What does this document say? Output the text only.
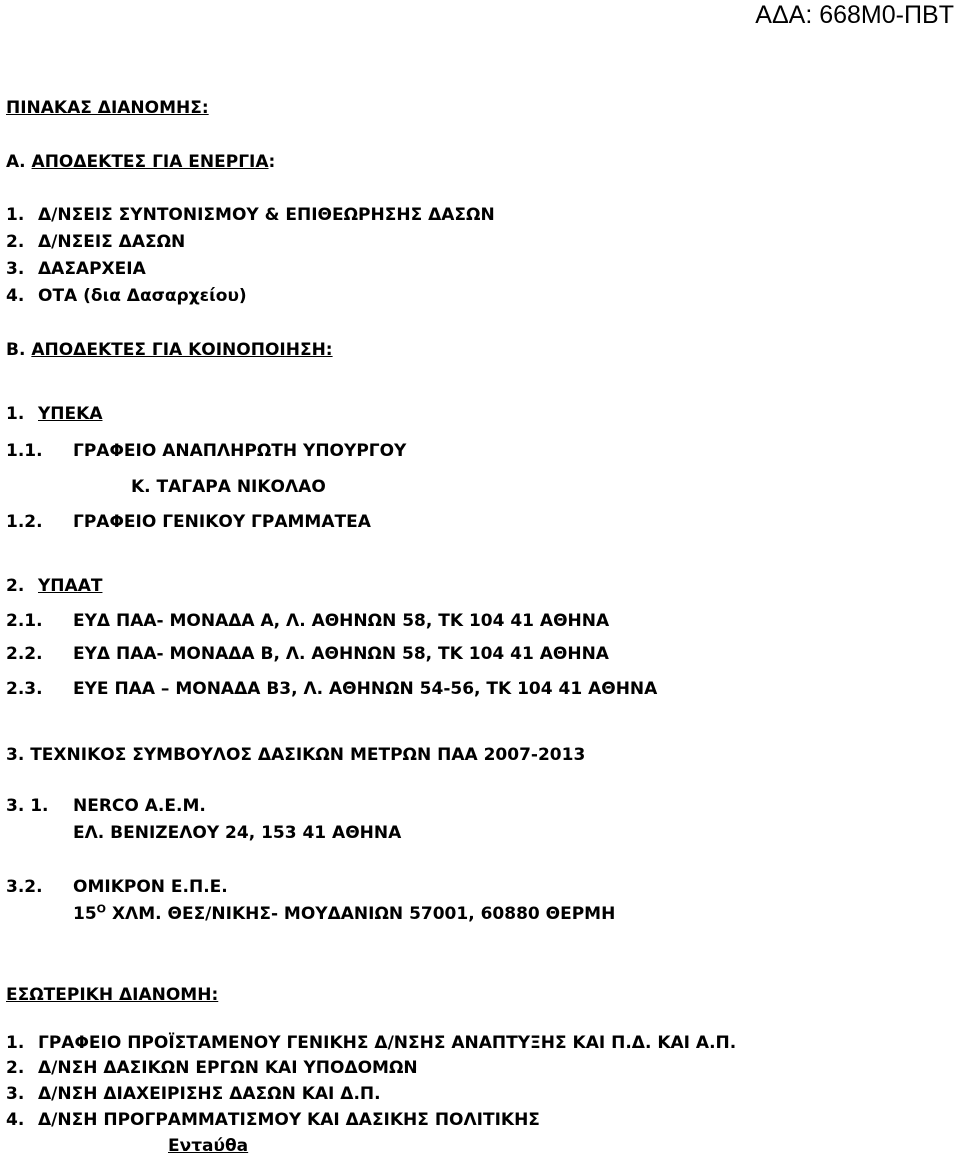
ΑΔΑ: 668Μ0-ΠΒΤ
ΠΙΝΑΚΑΣ ΔΙΑΝΟΜΗΣ:
Α. ΑΠΟΔΕΚΤΕΣ ΓΙΑ ΕΝΕΡΓΙΑ:
1. Δ/ΝΣΕΙΣ ΣΥΝΤΟΝΙΣΜΟΥ & ΕΠΙΘΕΩΡΗΣΗΣ ΔΑΣΩΝ
2. Δ/ΝΣΕΙΣ ΔΑΣΩΝ
3. ΔΑΣΑΡΧΕΙΑ
4. ΟΤΑ (δια Δασαρχείου)
Β. ΑΠΟΔΕΚΤΕΣ ΓΙΑ ΚΟΙΝΟΠΟΙΗΣΗ:
1. ΥΠΕΚΑ
1.1. ΓΡΑΦΕΙΟ ΑΝΑΠΛΗΡΩΤΗ ΥΠΟΥΡΓΟΥ
Κ. ΤΑΓΑΡΑ ΝΙΚΟΛΑΟ
1.2. ΓΡΑΦΕΙΟ ΓΕΝΙΚΟΥ ΓΡΑΜΜΑΤΕΑ
2. ΥΠΑΑΤ
2.1. ΕΥΔ ΠΑΑ- ΜΟΝΑΔΑ Α, Λ. ΑΘΗΝΩΝ 58, ΤΚ 104 41 ΑΘΗΝΑ
2.2. ΕΥΔ ΠΑΑ- ΜΟΝΑΔΑ Β, Λ. ΑΘΗΝΩΝ 58, ΤΚ 104 41 ΑΘΗΝΑ
2.3. ΕΥΕ ΠΑΑ – ΜΟΝΑΔΑ Β3, Λ. ΑΘΗΝΩΝ 54-56, ΤΚ 104 41 ΑΘΗΝΑ
3. ΤΕΧΝΙΚΟΣ ΣΥΜΒΟΥΛΟΣ ΔΑΣΙΚΩΝ ΜΕΤΡΩΝ ΠΑΑ 2007-2013
3. 1. NERCO Α.Ε.Μ.
ΕΛ. ΒΕΝΙΖΕΛΟΥ 24, 153 41 ΑΘΗΝΑ
3.2. ΟΜΙΚΡΟΝ Ε.Π.Ε.
$15^O$ ΧΛΜ. ΘΕΣ/ΝΙΚΗΣ- ΜΟΥΔΑΝΙΩΝ 57001, 60880 ΘΕΡΜΗ
ΕΣΩΤΕΡΙΚΗ ΔΙΑΝΟΜΗ:
1. ΓΡΑΦΕΙΟ ΠΡΟΪΣΤΑΜΕΝΟΥ ΓΕΝΙΚΗΣ Δ/ΝΣΗΣ ΑΝΑΠΤΥΞΗΣ ΚΑΙ Π.Δ. ΚΑΙ Α.Π.
2. Δ/ΝΣΗ ΔΑΣΙΚΩΝ ΕΡΓΩΝ ΚΑΙ ΥΠΟΔΟΜΩΝ
3. Δ/ΝΣΗ ΔΙΑΧΕΙΡΙΣΗΣ ΔΑΣΩΝ ΚΑΙ Δ.Π.
4. Δ/ΝΣΗ ΠΡΟΓΡΑΜΜΑΤΙΣΜΟΥ ΚΑΙ ΔΑΣΙΚΗΣ ΠΟΛΙΤΙΚΗΣ
Εντaύθa
